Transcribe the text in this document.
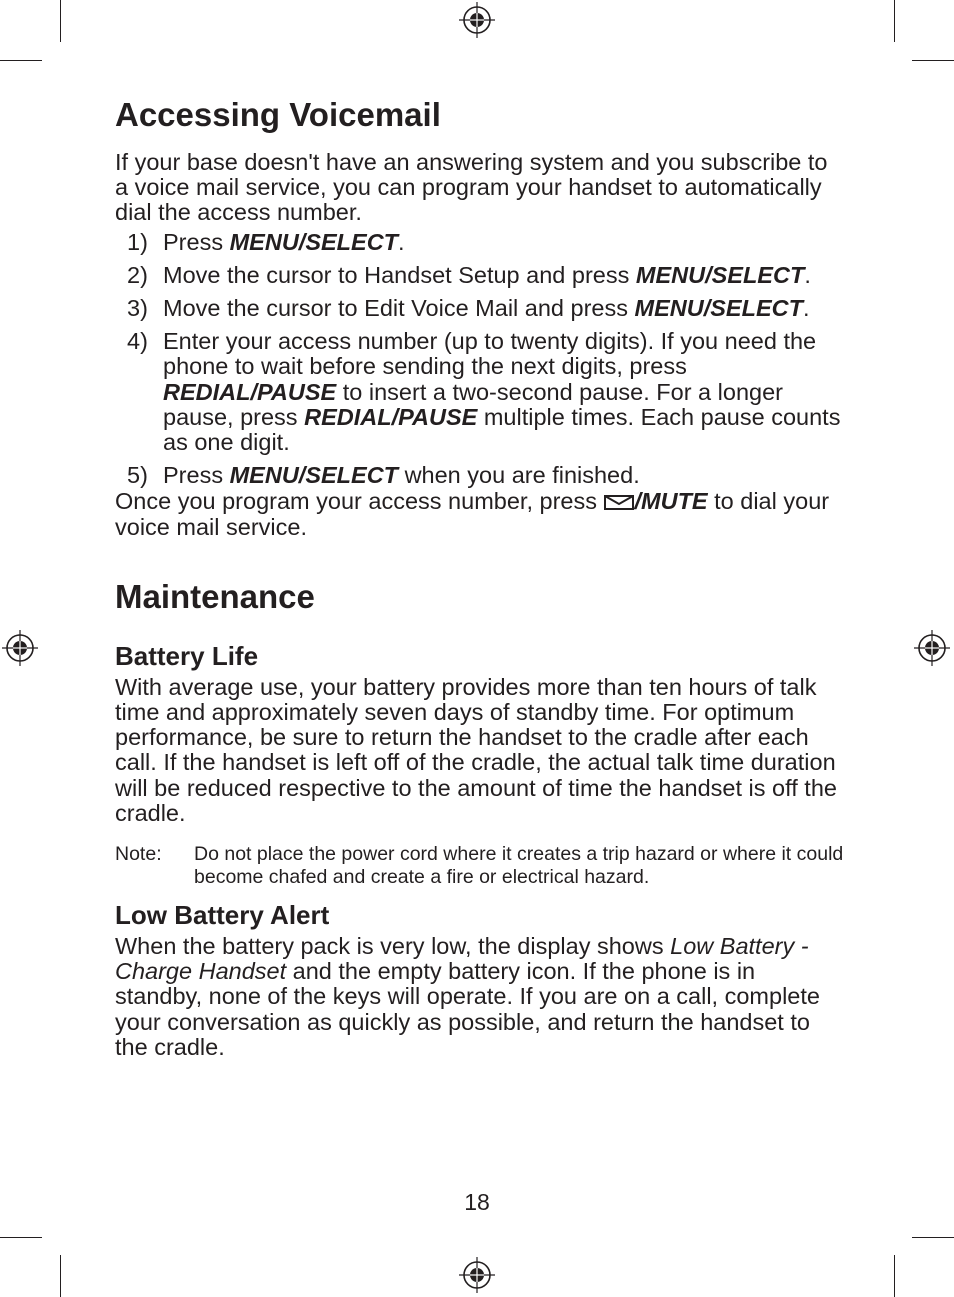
Accessing Voicemail

If your base doesn't have an answering system and you subscribe to a voice mail service, you can program your handset to automatically dial the access number.

1) Press MENU/SELECT.
2) Move the cursor to Handset Setup and press MENU/SELECT.
3) Move the cursor to Edit Voice Mail and press MENU/SELECT.
4) Enter your access number (up to twenty digits). If you need the phone to wait before sending the next digits, press REDIAL/PAUSE to insert a two-second pause. For a longer pause, press REDIAL/PAUSE multiple times. Each pause counts as one digit.
5) Press MENU/SELECT when you are finished.

Once you program your access number, press /MUTE to dial your voice mail service.

Maintenance
Battery Life

With average use, your battery provides more than ten hours of talk time and approximately seven days of standby time. For optimum performance, be sure to return the handset to the cradle after each call. If the handset is left off of the cradle, the actual talk time duration will be reduced respective to the amount of time the handset is off the cradle.

Note:	Do not place the power cord where it creates a trip hazard or where it could become chafed and create a fire or electrical hazard.
Low Battery Alert

When the battery pack is very low, the display shows Low Battery - Charge Handset and the empty battery icon. If the phone is in standby, none of the keys will operate. If you are on a call, complete your conversation as quickly as possible, and return the handset to the cradle.

18
